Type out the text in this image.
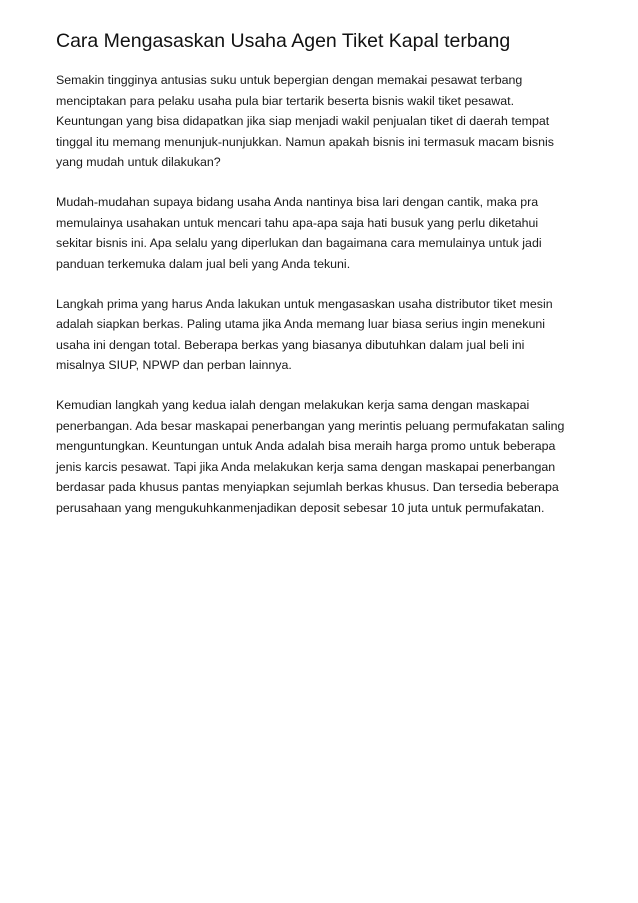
Cara Mengasaskan Usaha Agen Tiket Kapal terbang

Semakin tingginya antusias suku untuk bepergian dengan memakai pesawat terbang
menciptakan para pelaku usaha pula biar tertarik beserta bisnis wakil tiket pesawat.
Keuntungan yang bisa didapatkan jika siap menjadi wakil penjualan tiket di daerah tempat
tinggal itu memang menunjuk-nunjukkan. Namun apakah bisnis ini termasuk macam bisnis
yang mudah untuk dilakukan?

Mudah-mudahan supaya bidang usaha Anda nantinya bisa lari dengan cantik, maka pra
memulainya usahakan untuk mencari tahu apa-apa saja hati busuk yang perlu diketahui
sekitar bisnis ini. Apa selalu yang diperlukan dan bagaimana cara memulainya untuk jadi
panduan terkemuka dalam jual beli yang Anda tekuni.

Langkah prima yang harus Anda lakukan untuk mengasaskan usaha distributor tiket mesin
adalah siapkan berkas. Paling utama jika Anda memang luar biasa serius ingin menekuni
usaha ini dengan total. Beberapa berkas yang biasanya dibutuhkan dalam jual beli ini
misalnya SIUP, NPWP dan perban lainnya.

Kemudian langkah yang kedua ialah dengan melakukan kerja sama dengan maskapai
penerbangan. Ada besar maskapai penerbangan yang merintis peluang permufakatan saling
menguntungkan. Keuntungan untuk Anda adalah bisa meraih harga promo untuk beberapa
jenis karcis pesawat. Tapi jika Anda melakukan kerja sama dengan maskapai penerbangan
berdasar pada khusus pantas menyiapkan sejumlah berkas khusus. Dan tersedia beberapa
perusahaan yang mengukuhkanmenjadikan deposit sebesar 10 juta untuk permufakatan.
